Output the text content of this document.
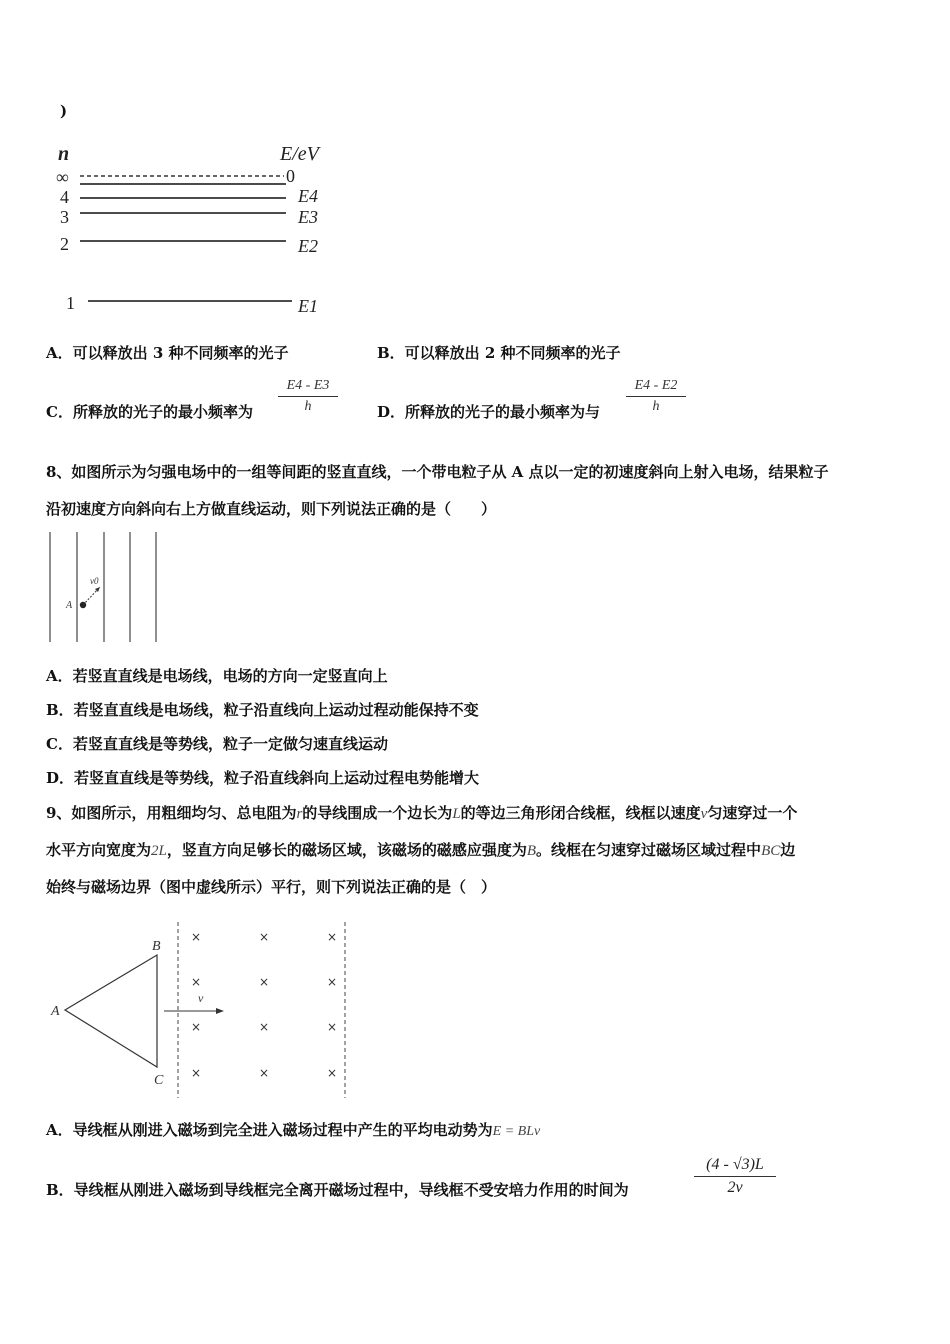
)
n	E/eV
∞	0
4
3
2
1
E4
E3
E2
E1
A．可以释放出 3 种不同频率的光子	B．可以释放出 2 种不同频率的光子
C．所释放的光子的最小频率为
E4 - E3
h	D．所释放的光子的最小频率为与
E4 - E2
h
8、如图所示为匀强电场中的一组等间距的竖直直线，一个带电粒子从 A 点以一定的初速度斜向上射入电场，结果粒子
沿初速度方向斜向右上方做直线运动，则下列说法正确的是（　　）
A
v0
A．若竖直直线是电场线，电场的方向一定竖直向上
B．若竖直直线是电场线，粒子沿直线向上运动过程动能保持不变
C．若竖直直线是等势线，粒子一定做匀速直线运动
D．若竖直直线是等势线，粒子沿直线斜向上运动过程电势能增大
9、如图所示，用粗细均匀、总电阻为r的导线围成一个边长为L的等边三角形闭合线框，线框以速度v匀速穿过一个
水平方向宽度为2L，竖直方向足够长的磁场区域，该磁场的磁感应强度为B。线框在匀速穿过磁场区域过程中BC边
始终与磁场边界（图中虚线所示）平行，则下列说法正确的是（　）
A
B
C
v
×	×	×
×	×	×
×	×	×
×	×	×
A．导线框从刚进入磁场到完全进入磁场过程中产生的平均电动势为E = BLv
B．导线框从刚进入磁场到导线框完全离开磁场过程中，导线框不受安培力作用的时间为
(4 - √3)L
2v
